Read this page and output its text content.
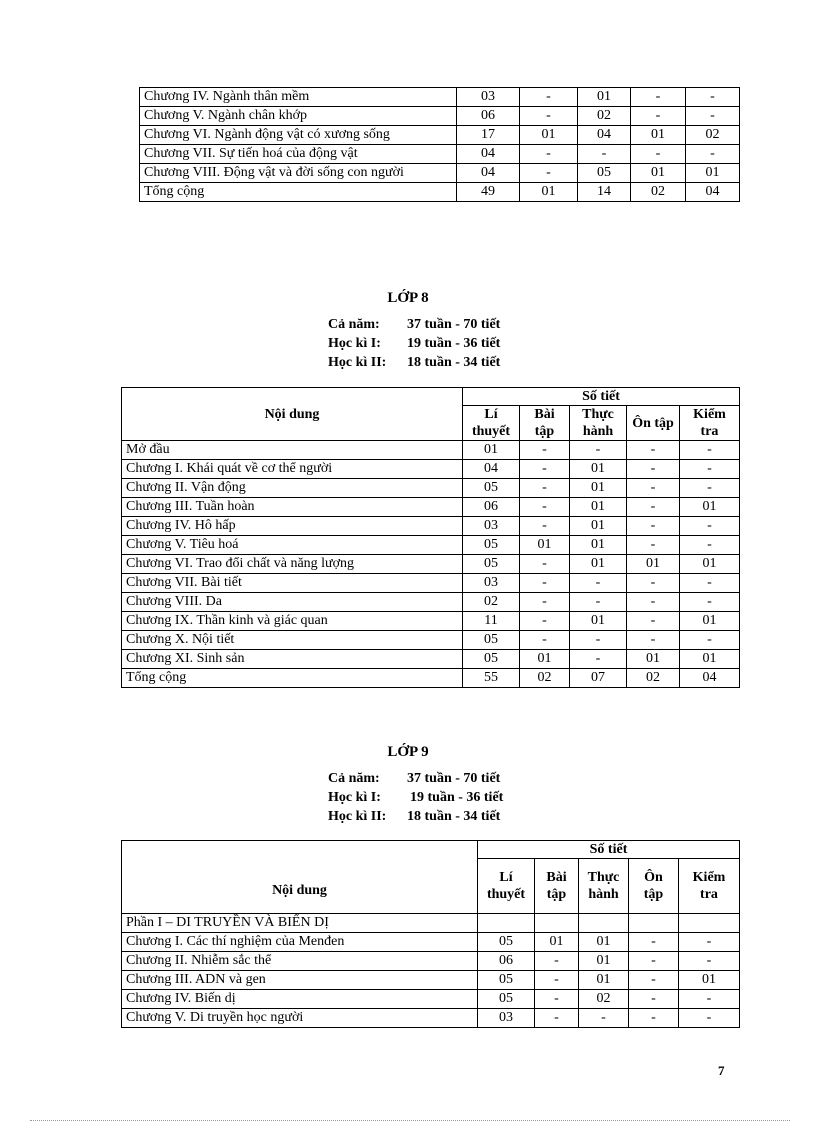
Chương IV. Ngành thân mềm	03	-	01	-	-
Chương V. Ngành chân khớp	06	-	02	-	-
Chương VI. Ngành động vật có xương sống	17	01	04	01	02
Chương VII. Sự tiến hoá của động vật	04	-	-	-	-
Chương VIII. Động vật và đời sống con người	04	-	05	01	01
Tổng cộng	49	01	14	02	04
LỚP 8
Cả năm: 37 tuần - 70 tiết
Học kì I: 19 tuần - 36 tiết
Học kì II: 18 tuần - 34 tiết
Nội dung	Số tiết				
	Lí thuyết	Bài tập	Thực hành	Ôn tập	Kiểm tra
Mở đầu	01	-	-	-	-
Chương I. Khái quát về cơ thể người	04	-	01	-	-
Chương II. Vận động	05	-	01	-	-
Chương III. Tuần hoàn	06	-	01	-	01
Chương IV. Hô hấp	03	-	01	-	-
Chương V. Tiêu hoá	05	01	01	-	-
Chương VI. Trao đổi chất và năng lượng	05	-	01	01	01
Chương VII. Bài tiết	03	-	-	-	-
Chương VIII. Da	02	-	-	-	-
Chương IX. Thần kinh và giác quan	11	-	01	-	01
Chương X. Nội tiết	05	-	-	-	-
Chương XI. Sinh sản	05	01	-	01	01
Tổng cộng	55	02	07	02	04
LỚP 9
Cả năm: 37 tuần - 70 tiết
Học kì I: 19 tuần - 36 tiết
Học kì II: 18 tuần - 34 tiết
Nội dung	Số tiết				
	Lí thuyết	Bài tập	Thực hành	Ôn tập	Kiểm tra
Phần I – DI TRUYỀN VÀ BIẾN DỊ					
Chương I. Các thí nghiệm của Menđen	05	01	01	-	-
Chương II. Nhiễm sắc thể	06	-	01	-	-
Chương III. ADN và gen	05	-	01	-	01
Chương IV. Biến dị	05	-	02	-	-
Chương V. Di truyền học người	03	-	-	-	-
7
